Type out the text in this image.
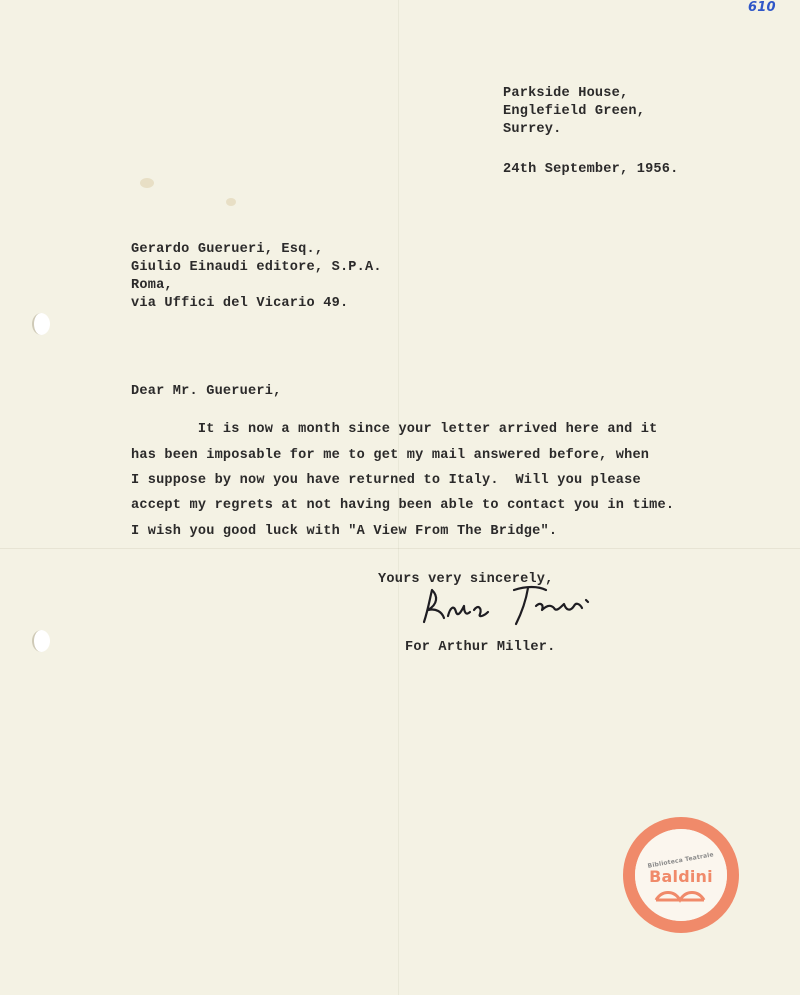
610
Parkside House,
Englefield Green,
Surrey.
24th September, 1956.
Gerardo Guerueri, Esq.,
Giulio Einaudi editore, S.P.A.
Roma,
via Uffici del Vicario 49.
Dear Mr. Guerueri,
It is now a month since your letter arrived here and it
has been imposable for me to get my mail answered before, when
I suppose by now you have returned to Italy.  Will you please
accept my regrets at not having been able to contact you in time.
I wish you good luck with "A View From The Bridge".
Yours very sincerely,
For Arthur Miller.
Biblioteca Teatrale
Baldini
